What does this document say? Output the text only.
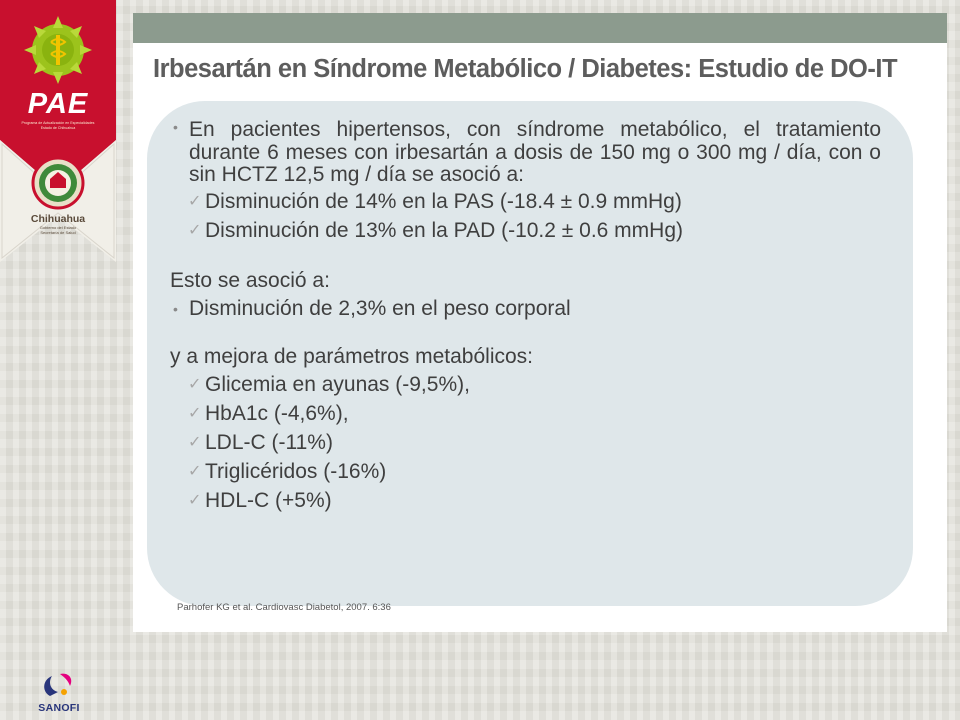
PAE
Programa de Actualización en Especialidades
Estado de Chihuahua
Chihuahua
Gobierno del Estado
Secretaría de Salud
Irbesartán en Síndrome Metabólico / Diabetes: Estudio de DO-IT
• En pacientes hipertensos, con síndrome metabólico, el tratamiento durante 6 meses con irbesartán a dosis de 150 mg o 300 mg / día, con o sin HCTZ 12,5 mg / día se asoció a:
✓ Disminución de 14% en la PAS (-18.4 ± 0.9 mmHg)
✓ Disminución de 13% en la PAD (-10.2 ± 0.6 mmHg)
Esto se asoció a:
• Disminución de 2,3% en el peso corporal
y a mejora de parámetros metabólicos:
✓ Glicemia en ayunas (-9,5%),
✓ HbA1c (-4,6%),
✓ LDL-C (-11%)
✓ Triglicéridos (-16%)
✓ HDL-C (+5%)
Parhofer KG et al. Cardiovasc Diabetol, 2007. 6:36
SANOFI
